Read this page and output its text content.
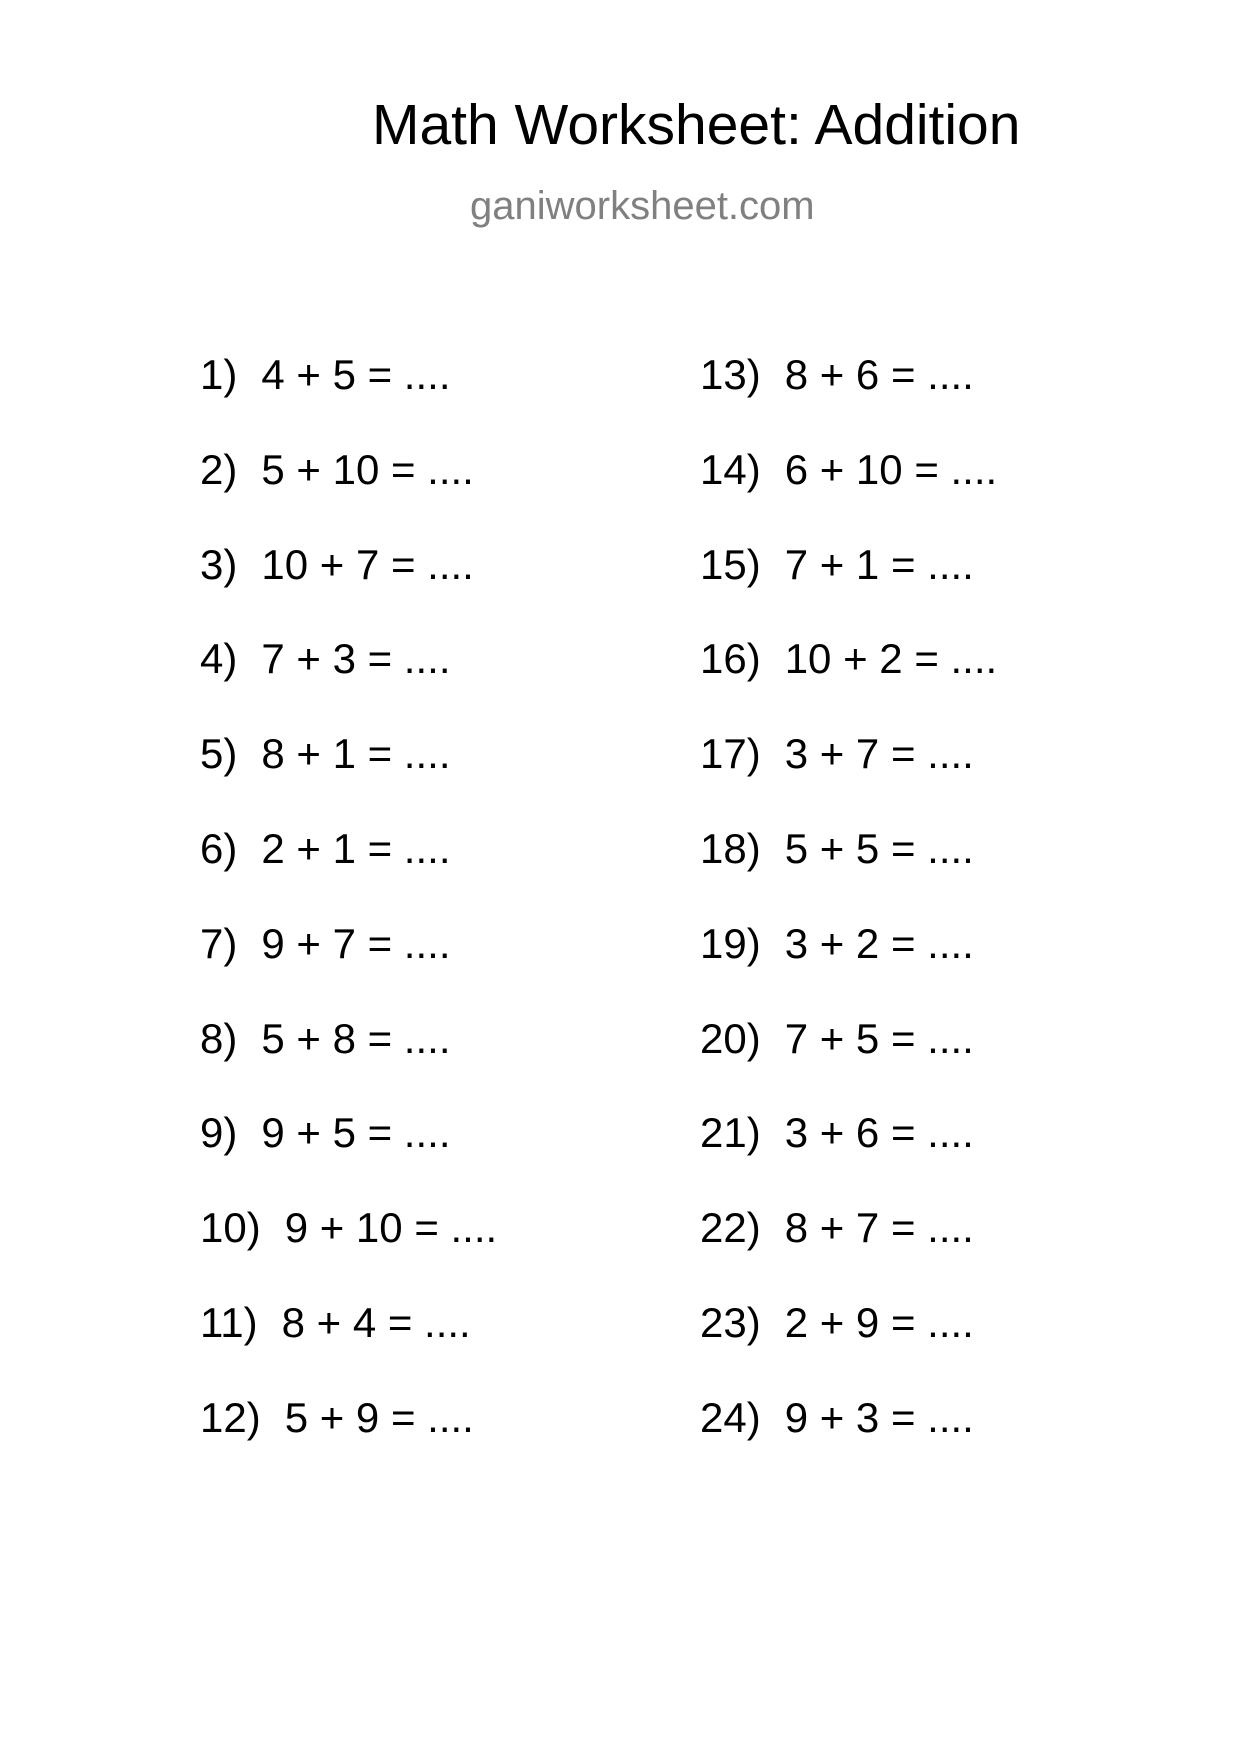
Math Worksheet: Addition
ganiworksheet.com
1) 4 + 5 = ....
2) 5 + 10 = ....
3) 10 + 7 = ....
4) 7 + 3 = ....
5) 8 + 1 = ....
6) 2 + 1 = ....
7) 9 + 7 = ....
8) 5 + 8 = ....
9) 9 + 5 = ....
10) 9 + 10 = ....
11) 8 + 4 = ....
12) 5 + 9 = ....
13) 8 + 6 = ....
14) 6 + 10 = ....
15) 7 + 1 = ....
16) 10 + 2 = ....
17) 3 + 7 = ....
18) 5 + 5 = ....
19) 3 + 2 = ....
20) 7 + 5 = ....
21) 3 + 6 = ....
22) 8 + 7 = ....
23) 2 + 9 = ....
24) 9 + 3 = ....
